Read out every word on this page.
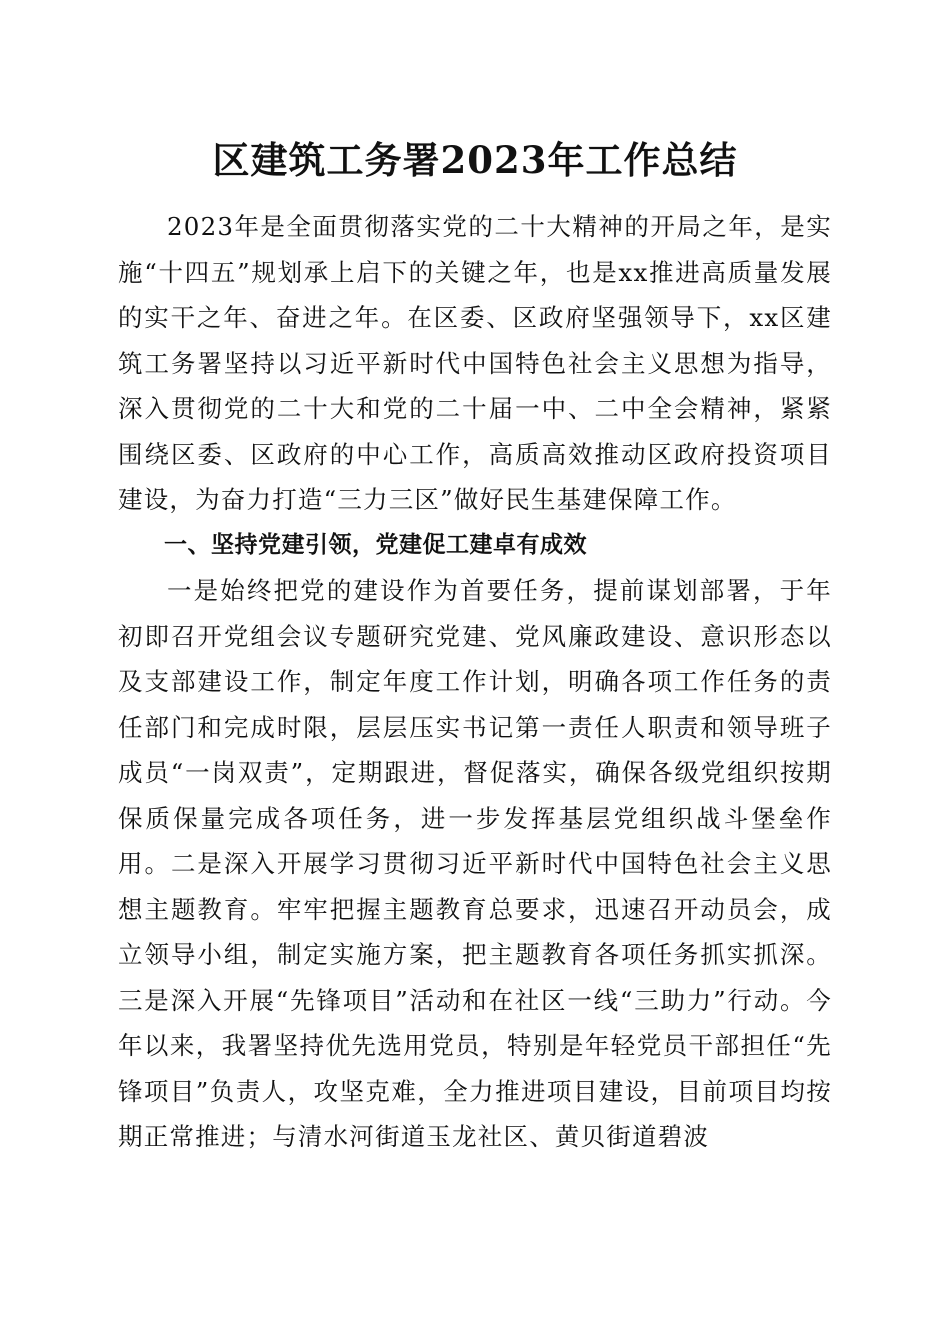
区建筑工务署2023年工作总结

2023年是全面贯彻落实党的二十大精神的开局之年，是实施“十四五”规划承上启下的关键之年，也是xx推进高质量发展的实干之年、奋进之年。在区委、区政府坚强领导下，xx区建筑工务署坚持以习近平新时代中国特色社会主义思想为指导，深入贯彻党的二十大和党的二十届一中、二中全会精神，紧紧围绕区委、区政府的中心工作，高质高效推动区政府投资项目建设，为奋力打造“三力三区”做好民生基建保障工作。

一、坚持党建引领，党建促工建卓有成效

一是始终把党的建设作为首要任务，提前谋划部署，于年初即召开党组会议专题研究党建、党风廉政建设、意识形态以及支部建设工作，制定年度工作计划，明确各项工作任务的责任部门和完成时限，层层压实书记第一责任人职责和领导班子成员“一岗双责”，定期跟进，督促落实，确保各级党组织按期保质保量完成各项任务，进一步发挥基层党组织战斗堡垒作用。二是深入开展学习贯彻习近平新时代中国特色社会主义思想主题教育。牢牢把握主题教育总要求，迅速召开动员会，成立领导小组，制定实施方案，把主题教育各项任务抓实抓深。三是深入开展“先锋项目”活动和在社区一线“三助力”行动。今年以来，我署坚持优先选用党员，特别是年轻党员干部担任“先锋项目”负责人，攻坚克难，全力推进项目建设，目前项目均按期正常推进；与清水河街道玉龙社区、黄贝街道碧波
